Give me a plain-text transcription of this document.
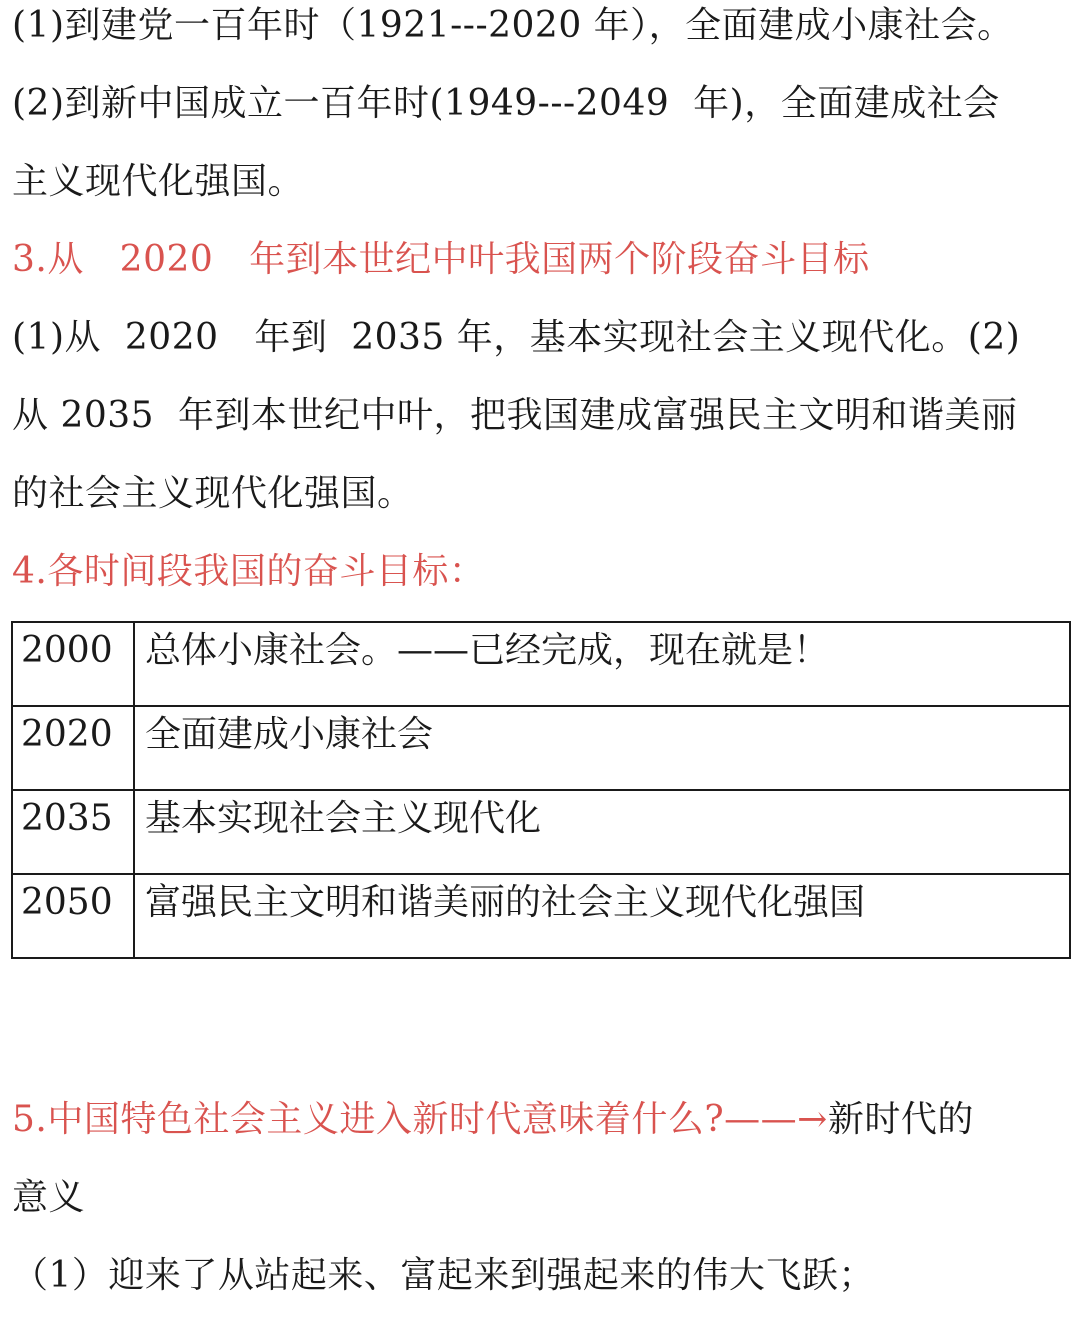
(1)到建党一百年时（1921---2020 年），全面建成小康社会。
(2)到新中国成立一百年时(1949---2049  年)，全面建成社会
主义现代化强国。
3.从   2020   年到本世纪中叶我国两个阶段奋斗目标
(1)从  2020   年到  2035 年，基本实现社会主义现代化。(2)
从 2035  年到本世纪中叶，把我国建成富强民主文明和谐美丽
的社会主义现代化强国。
4.各时间段我国的奋斗目标：
2000	总体小康社会。——已经完成，现在就是！
2020	全面建成小康社会
2035	基本实现社会主义现代化
2050	富强民主文明和谐美丽的社会主义现代化强国
5.中国特色社会主义进入新时代意味着什么?——→新时代的
意义
（1）迎来了从站起来、富起来到强起来的伟大飞跃；
